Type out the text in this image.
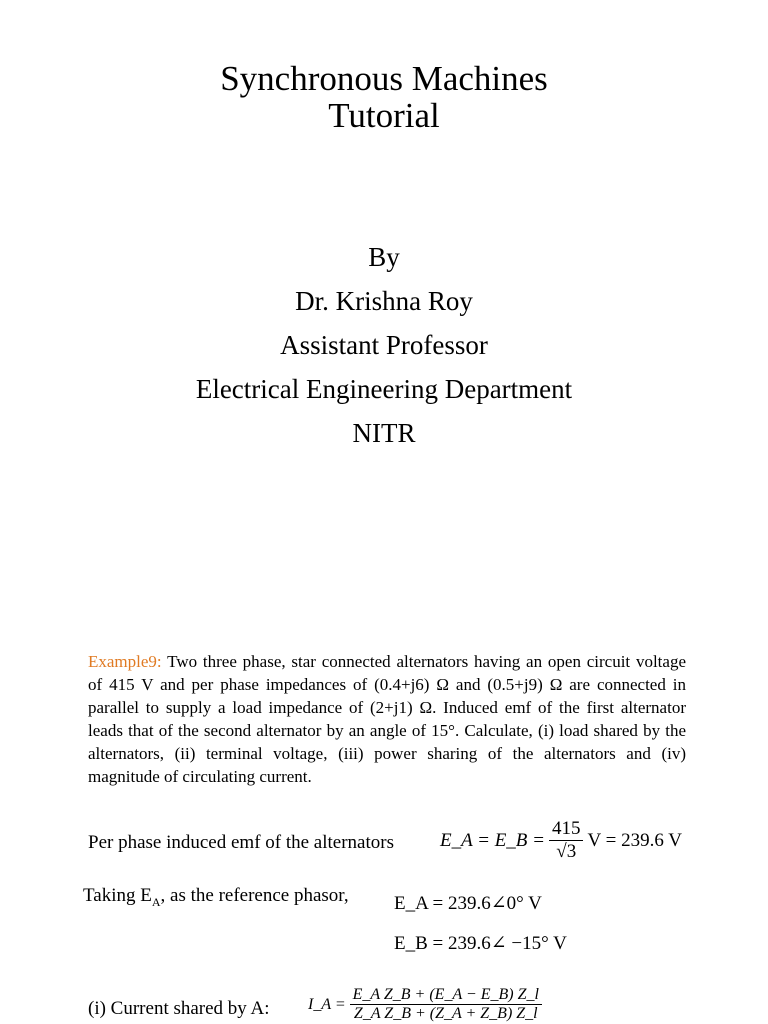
Synchronous Machines
Tutorial
By
Dr. Krishna Roy
Assistant Professor
Electrical Engineering Department
NITR
Example9: Two three phase, star connected alternators having an open circuit voltage of 415 V and per phase impedances of (0.4+j6) Ω and (0.5+j9) Ω are connected in parallel to supply a load impedance of (2+j1) Ω. Induced emf of the first alternator leads that of the second alternator by an angle of 15°. Calculate, (i) load shared by the alternators, (ii) terminal voltage, (iii) power sharing of the alternators and (iv) magnitude of circulating current.
Per phase induced emf of the alternators E_A = E_B = $\frac{415}{√3}$ V = 239.6 V
Taking $E_A$, as the reference phasor, E_A = 239.6∠0° V
E_B = 239.6∠ −15° V
(i) Current shared by A: I_A = $\frac{\text{E\_A Z\_B + (E\_A − E\_B) Z\_l}}{\text{Z\_A Z\_B + (Z\_A + Z\_B) Z\_l}}$
